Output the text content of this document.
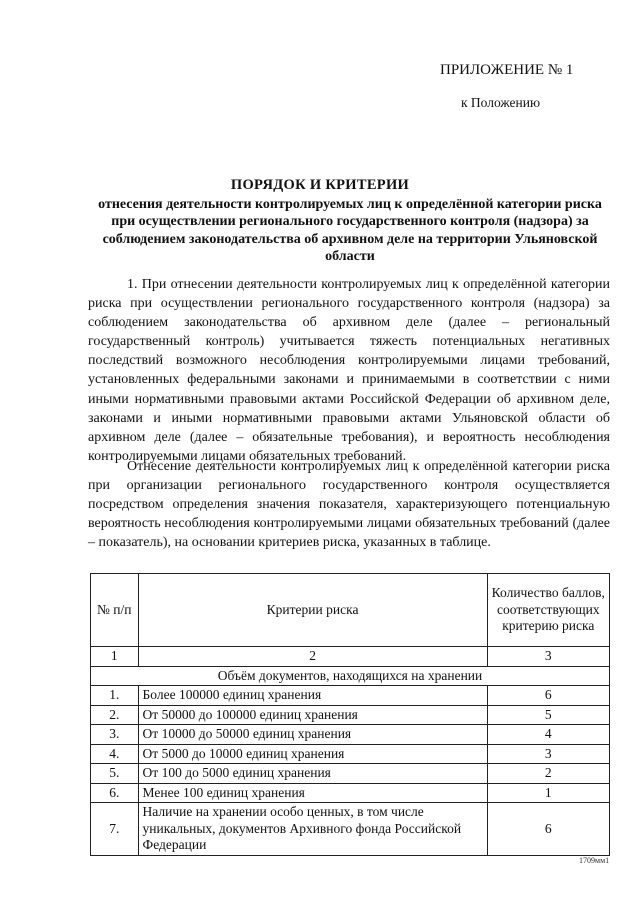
ПРИЛОЖЕНИЕ № 1
к Положению
ПОРЯДОК И КРИТЕРИИ
отнесения деятельности контролируемых лиц к определённой категории риска при осуществлении регионального государственного контроля (надзора) за соблюдением законодательства об архивном деле на территории Ульяновской области

1. При отнесении деятельности контролируемых лиц к определённой категории риска при осуществлении регионального государственного контроля (надзора) за соблюдением законодательства об архивном деле (далее – региональный государственный контроль) учитывается тяжесть потенциальных негативных последствий возможного несоблюдения контролируемыми лицами требований, установленных федеральными законами и принимаемыми в соответствии с ними иными нормативными правовыми актами Российской Федерации об архивном деле, законами и иными нормативными правовыми актами Ульяновской области об архивном деле (далее – обязательные требования), и вероятность несоблюдения контролируемыми лицами обязательных требований.

Отнесение деятельности контролируемых лиц к определённой категории риска при организации регионального государственного контроля осуществляется посредством определения значения показателя, характеризующего потенциальную вероятность несоблюдения контролируемыми лицами обязательных требований (далее – показатель), на основании критериев риска, указанных в таблице.

№ п/п	Критерии риска	Количество баллов, соответствующих критерию риска
1	2	3
Объём документов, находящихся на хранении		
1.	Более 100000 единиц хранения	6
2.	От 50000 до 100000 единиц хранения	5
3.	От 10000 до 50000 единиц хранения	4
4.	От 5000 до 10000 единиц хранения	3
5.	От 100 до 5000 единиц хранения	2
6.	Менее 100 единиц хранения	1
7.	Наличие на хранении особо ценных, в том числе уникальных, документов Архивного фонда Российской Федерации	6
1709мм1
